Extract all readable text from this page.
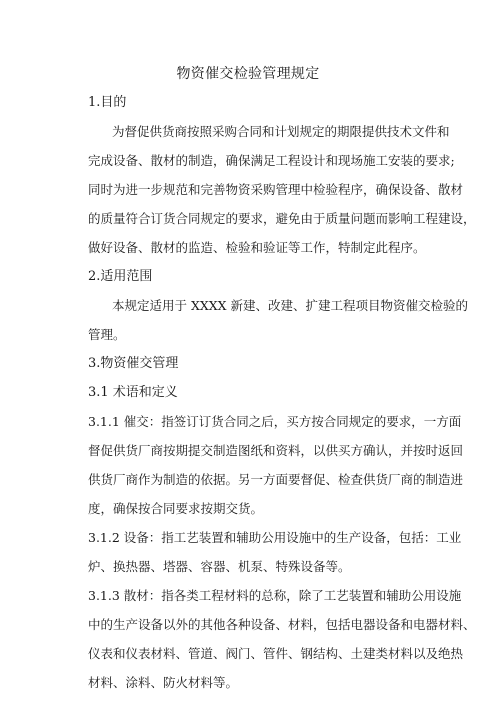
物资催交检验管理规定
1.目的
为督促供货商按照采购合同和计划规定的期限提供技术文件和
完成设备、散材的制造，确保满足工程设计和现场施工安装的要求;
同时为进一步规范和完善物资采购管理中检验程序，确保设备、散材
的质量符合订货合同规定的要求，避免由于质量问题而影响工程建设，
做好设备、散材的监造、检验和验证等工作，特制定此程序。
2.适用范围
本规定适用于 XXXX 新建、改建、扩建工程项目物资催交检验的
管理。
3.物资催交管理
3.1 术语和定义
3.1.1 催交：指签订订货合同之后，买方按合同规定的要求，一方面
督促供货厂商按期提交制造图纸和资料，以供买方确认，并按时返回
供货厂商作为制造的依据。另一方面要督促、检查供货厂商的制造进
度，确保按合同要求按期交货。
3.1.2 设备：指工艺装置和辅助公用设施中的生产设备，包括：工业
炉、换热器、塔器、容器、机泵、特殊设备等。
3.1.3 散材：指各类工程材料的总称，除了工艺装置和辅助公用设施
中的生产设备以外的其他各种设备、材料，包括电器设备和电器材料、
仪表和仪表材料、管道、阀门、管件、钢结构、土建类材料以及绝热
材料、涂料、防火材料等。
